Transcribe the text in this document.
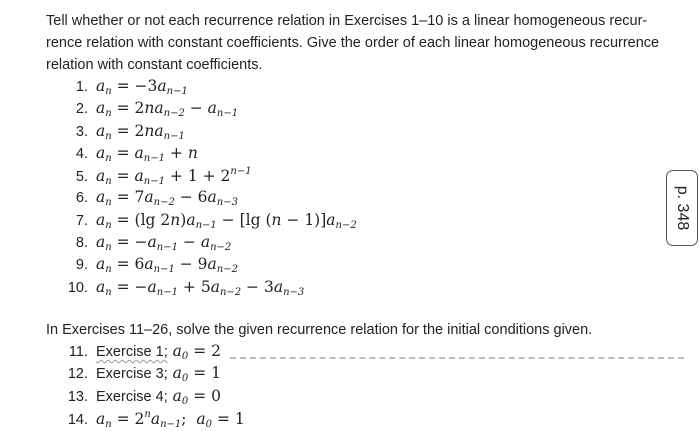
Tell whether or not each recurrence relation in Exercises 1–10 is a linear homogeneous recur-
rence relation with constant coefficients. Give the order of each linear homogeneous recurrence
relation with constant coefficients.
1. $a_n = -3a_{n-1}$
2. $a_n = 2na_{n-2} - a_{n-1}$
3. $a_n = 2na_{n-1}$
4. $a_n = a_{n-1} + n$
5. $a_n = a_{n-1} + 1 + 2^{n-1}$
6. $a_n = 7a_{n-2} - 6a_{n-3}$
7. $a_n = (\lg$ $2n)a_{n-1} - [\lg$ $(n - 1)]a_{n-2}$
8. $a_n = -a_{n-1} - a_{n-2}$
9. $a_n = 6a_{n-1} - 9a_{n-2}$
10. $a_n = -a_{n-1} + 5a_{n-2} - 3a_{n-3}$
In Exercises 11–26, solve the given recurrence relation for the initial conditions given.
11. Exercise 1; $a_0 = 2$
12. Exercise 3; $a_0 = 1$
13. Exercise 4; $a_0 = 0$
14. $a_n = 2^na_{n-1}$;  $a_0 = 1$
p. 348
